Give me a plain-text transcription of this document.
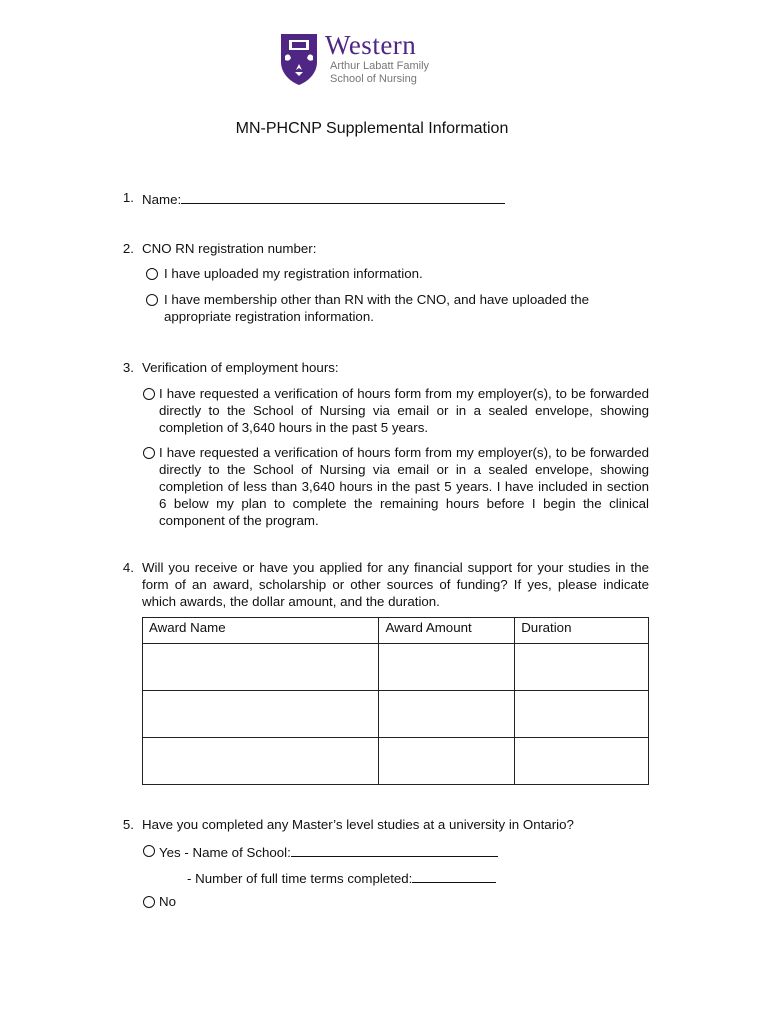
Western
Arthur Labatt Family
School of Nursing
MN-PHCNP Supplemental Information
1. Name:
2. CNO RN registration number:
I have uploaded my registration information.
I have membership other than RN with the CNO, and have uploaded the
appropriate registration information.
3. Verification of employment hours:
I have requested a verification of hours form from my employer(s), to be forwarded directly to the School of Nursing via email or in a sealed envelope, showing completion of 3,640 hours in the past 5 years.
I have requested a verification of hours form from my employer(s), to be forwarded directly to the School of Nursing via email or in a sealed envelope, showing completion of less than 3,640 hours in the past 5 years. I have included in section 6 below my plan to complete the remaining hours before I begin the clinical component of the program.
4. Will you receive or have you applied for any financial support for your studies in the form of an award, scholarship or other sources of funding? If yes, please indicate which awards, the dollar amount, and the duration.
Award Name	Award Amount	Duration

5. Have you completed any Master’s level studies at a university in Ontario?
Yes - Name of School:
- Number of full time terms completed:
No
